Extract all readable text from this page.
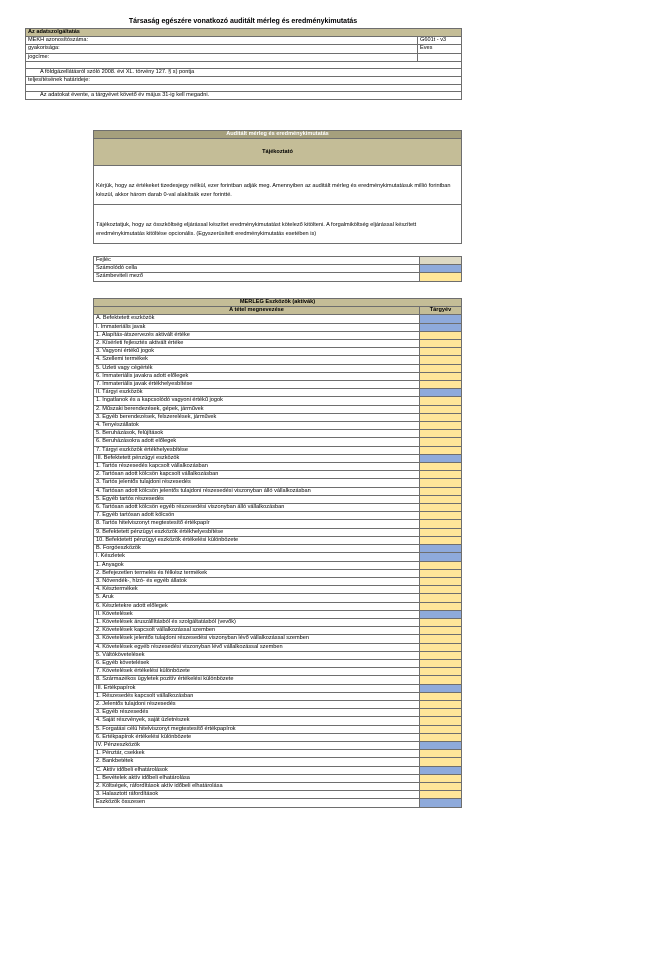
Társaság egészére vonatkozó auditált mérleg és eredménykimutatás
Az adatszolgáltatás	
MEKH azonosítószáma:	G601t - v3
gyakorisága:	Éves
jogcíme:	

A földgázellátásról szóló 2008. évi XL. törvény 127. § s) pontja	
teljesítésének határideje:	

Az adatokat évente, a tárgyévet követő év május 31-ig kell megadni.	
Auditált mérleg és eredménykimutatás
Tájékoztató
Kérjük, hogy az értékeket tizedesjegy nélkül, ezer forintban adják meg. Amennyiben az auditált mérleg és eredménykimutatásuk millió forintban készül, akkor három darab 0-val alakítsák ezer forintté.
Tájékoztatjuk, hogy az összköltség eljárással készítet eredménykimutatást kötelező kitölteni. A forgalmiköltség eljárással készített eredménykimutatás kitöltése opcionális. (Egyszerüsített eredménykimutatás esetében is)
Fejléc	
Számolódó cella	
Számbeviteli mező	
MÉRLEG Eszközök (aktívák)	
A tétel megnevezése	Tárgyév
A. Befektetett eszközök	
I. Immateriális javak	
1. Alapítás-átszervezés aktivált értéke	
2. Kísérleti fejlesztés aktivált értéke	
3. Vagyoni értékű jogok	
4. Szellemi termékek	
5. Üzleti vagy cégérték	
6. Immateriális javakra adott előlegek	
7. Immateriális javak értékhelyesbítése	
II. Tárgyi eszközök	
1. Ingatlanok és a kapcsolódó vagyoni értékű jogok	
2. Műszaki berendezések, gépek, járművek	
3. Egyéb berendezések, felszerelések, járművek	
4. Tenyészállatok	
5. Beruházások, felújítások	
6. Beruházásokra adott előlegek	
7. Tárgyi eszközök értékhelyesbítése	
III. Befektetett pénzügyi eszközök	
1. Tartós részesedés kapcsolt vállalkozásban	
2. Tartósan adott kölcsön kapcsolt vállalkozásban	
3. Tartós jelentős tulajdoni részesedés	
4. Tartósan adott kölcsön jelentős tulajdoni részesedési viszonyban álló vállalkozásban	
5. Egyéb tartós részesedés	
6. Tartósan adott kölcsön egyéb részesedési viszonyban álló vállalkozásban	
7. Egyéb tartósan adott kölcsön	
8. Tartós hitelviszonyt megtestesítő értékpapír	
9. Befektetett pénzügyi eszközök értékhelyesbítése	
10. Befektetett pénzügyi eszközök értékelési különbözete	
B. Forgóeszközök	
I. Készletek	
1. Anyagok	
2. Befejezetlen termelés és félkész termékek	
3. Növendék-, hízó- és egyéb állatok	
4. Késztermékek	
5. Áruk	
6. Készletekre adott előlegek	
II. Követelések	
1. Követelések áruszállításból és szolgáltatásból (vevők)	
2. Követelések kapcsolt vállalkozással szemben	
3. Követelések jelentős tulajdoni részesedési viszonyban lévő vállalkozással szemben	
4. Követelések egyéb részesedési viszonyban lévő vállalkozással szemben	
5. Váltókövetelések	
6. Egyéb követelések	
7. Követelések értékelési különbözete	
8. Származékos ügyletek pozitív értékelési különbözete	
III. Értékpapírok	
1. Részesedés kapcsolt vállalkozásban	
2. Jelentős tulajdoni részesedés	
3. Egyéb részesedés	
4. Saját részvények, saját üzletrészek	
5. Forgatási célú hitelviszonyt megtestesítő értékpapírok	
6. Értékpapírok értékelési különbözete	
IV. Pénzeszközök	
1. Pénztár, csekkek	
2. Bankbetétek	
C. Aktív időbeli elhatárolások	
1. Bevételek aktív időbeli elhatárolása	
2. Költségek, ráfordítások aktív időbeli elhatárolása	
3. Halasztott ráfordítások	
Eszközök összesen	
